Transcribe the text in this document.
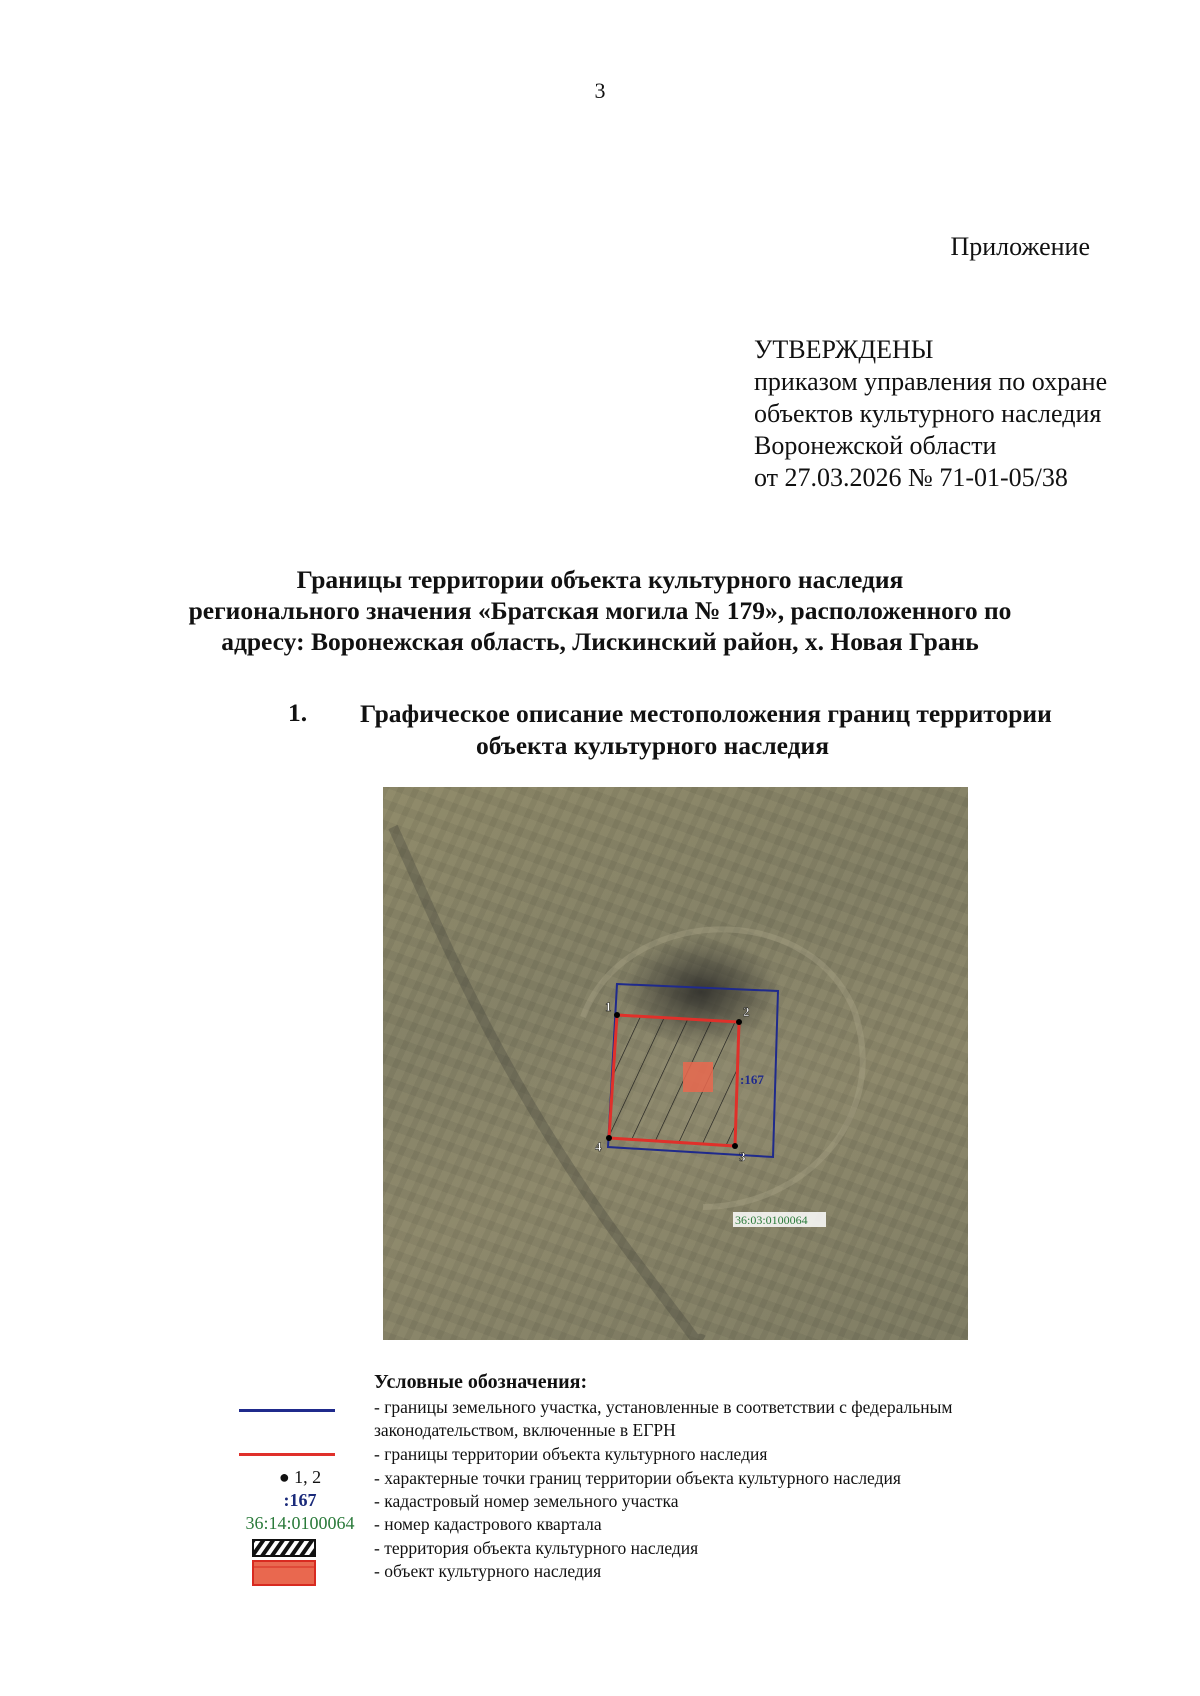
3
Приложение
УТВЕРЖДЕНЫ
приказом управления по охране
объектов культурного наследия
Воронежской области
от 27.03.2026 № 71-01-05/38
Границы территории объекта культурного наследия
регионального значения «Братская могила № 179», расположенного по
адресу: Воронежская область, Лискинский район, х. Новая Грань
1. Графическое описание местоположения границ территории
объекта культурного наследия
1	2
3
4
:167
36:03:0100064
Условные обозначения:
- границы земельного участка, установленные в соответствии с федеральным
законодательством, включенные в ЕГРН
- границы территории объекта культурного наследия
● 1, 2	- характерные точки границ территории объекта культурного наследия
:167	- кадастровый номер земельного участка
36:14:0100064	- номер кадастрового квартала
- территория объекта культурного наследия
- объект культурного наследия
